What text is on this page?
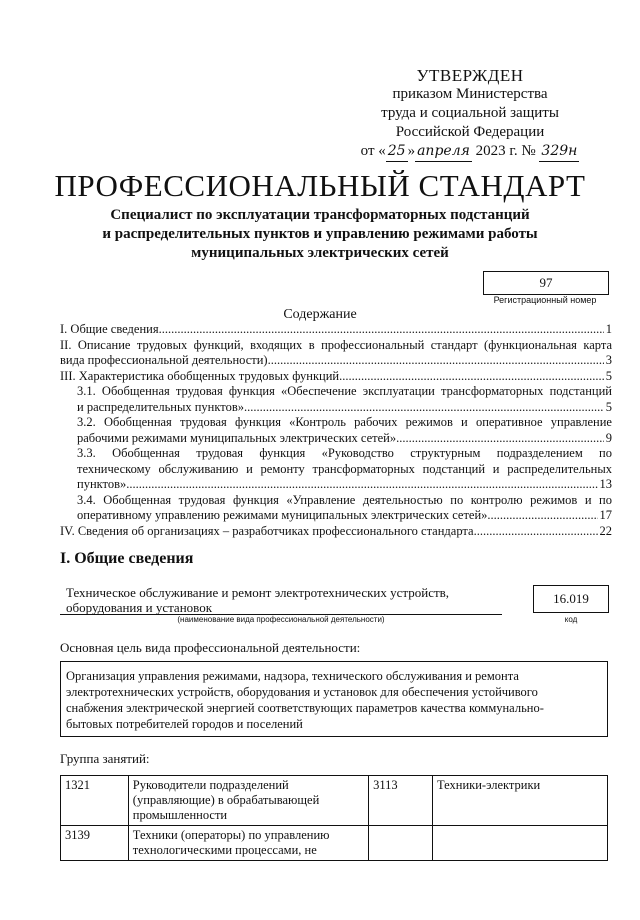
УТВЕРЖДЕН
приказом Министерства
труда и социальной защиты
Российской Федерации
от « 25 » апреля 2023 г. № 329н
ПРОФЕССИОНАЛЬНЫЙ СТАНДАРТ
Специалист по эксплуатации трансформаторных подстанций
и распределительных пунктов и управлению режимами работы
муниципальных электрических сетей
97
Регистрационный номер
Содержание
I. Общие сведения .....	1
II. Описание трудовых функций, входящих в профессиональный стандарт (функциональная карта
вида профессиональной деятельности) .....	3
III. Характеристика обобщенных трудовых функций .....	5
3.1. Обобщенная трудовая функция «Обеспечение эксплуатации трансформаторных подстанций
и распределительных пунктов» .....	5
3.2. Обобщенная трудовая функция «Контроль рабочих режимов и оперативное управление
рабочими режимами муниципальных электрических сетей» .....	9
3.3. Обобщенная трудовая функция «Руководство структурным подразделением по
техническому обслуживанию и ремонту трансформаторных подстанций и распределительных
пунктов» .....	13
3.4. Обобщенная трудовая функция «Управление деятельностью по контролю режимов и по
оперативному управлению режимами муниципальных электрических сетей» .....	17
IV. Сведения об организациях – разработчиках профессионального стандарта .....	22
I. Общие сведения
Техническое обслуживание и ремонт электротехнических устройств,
оборудования и установок
(наименование вида профессиональной деятельности)
16.019
код
Основная цель вида профессиональной деятельности:
Организация управления режимами, надзора, технического обслуживания и ремонта
электротехнических устройств, оборудования и установок для обеспечения устойчивого
снабжения электрической энергией соответствующих параметров качества коммунально-
бытовых потребителей городов и поселений
Группа занятий:
1321	Руководители подразделений
(управляющие) в обрабатывающей
промышленности	3113	Техники-электрики
3139	Техники (операторы) по управлению
технологическими процессами, не		
